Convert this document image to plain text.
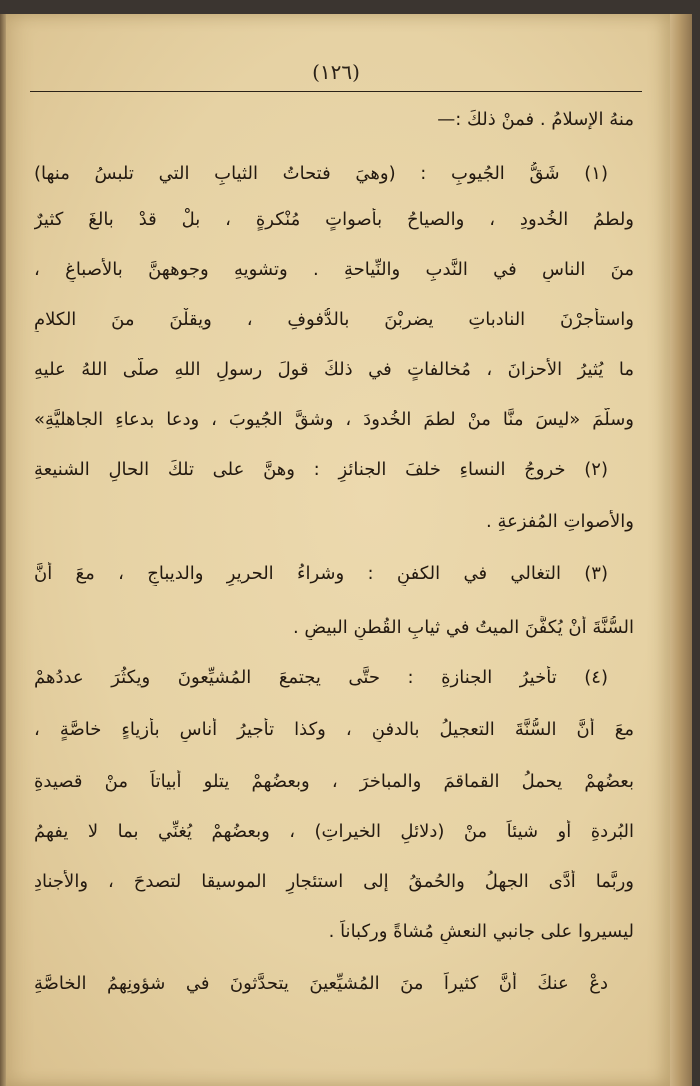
(١٢٦)
منهُ الإسلامُ . فمنْ ذلكَ :—
(١) شَقُّ الجُيوبِ : (وهيَ فتحاتُ الثيابِ التي تلبسُ منها)
ولطمُ الخُدودِ ، والصياحُ بأصواتٍ مُنْكرةٍ ، بلْ قدْ بالغَ كثيرٌ
منَ الناسِ في النَّدبِ والنِّياحةِ . وتشويهِ وجوههنَّ بالأصباغِ ،
واستأجرْنَ النادباتِ يضربْنَ بالدُّفوفِ ، ويقلْنَ منَ الكلامِ
ما يُثيرُ الأحزانَ ، مُخالفاتٍ في ذلكَ قولَ رسولِ اللهِ صلَّى اللهُ عليهِ
وسلَّمَ «ليسَ منَّا منْ لطمَ الخُدودَ ، وشقَّ الجُيوبَ ، ودعا بدعاءِ الجاهليَّةِ»
(٢) خروجُ النساءِ خلفَ الجنائزِ : وهنَّ على تلكَ الحالِ الشنيعةِ
والأصواتِ المُفزعةِ .
(٣) التغالي في الكفنِ : وشراءُ الحريرِ والديباجِ ، معَ أنَّ
السُّنَّةَ أنْ يُكفَّنَ الميتُ في ثيابِ القُطنِ البيضِ .
(٤) تأخيرُ الجنازةِ : حتَّى يجتمعَ المُشيِّعونَ ويكثُرَ عددُهمْ
معَ أنَّ السُّنَّةَ التعجيلُ بالدفنِ ، وكذا تأجيرُ أناسٍ بأزياءٍ خاصَّةٍ ،
بعضُهمْ يحملُ القماقمَ والمباخرَ ، وبعضُهمْ يتلو أبياتاً منْ قصيدةِ
البُردةِ أو شيئاً منْ (دلائلِ الخيراتِ) ، وبعضُهمْ يُغنِّي بما لا يفهمُ
وربَّما أدَّى الجهلُ والحُمقُ إلى استئجارِ الموسيقا لتصدحَ ، والأجنادِ
ليسيروا على جانبي النعشِ مُشاةً وركباناً .
دعْ عنكَ أنَّ كثيراً منَ المُشيِّعينَ يتحدَّثونَ في شؤونِهمُ الخاصَّةِ
